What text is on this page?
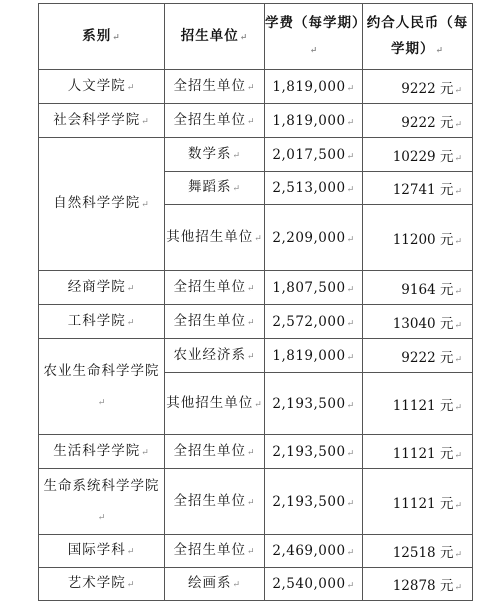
系别↵	招生单位↵	学费（每学期）↵	约合人民币（每学期）↵
人文学院↵	全招生单位↵	1,819,000↵	9222 元↵
社会科学学院↵	全招生单位↵	1,819,000↵	9222 元↵
自然科学学院↵	数学系↵	2,017,500↵	10229 元↵
	舞蹈系↵	2,513,000↵	12741 元↵
	其他招生单位↵	2,209,000↵	11200 元↵
经商学院↵	全招生单位↵	1,807,500↵	9164 元↵
工科学院↵	全招生单位↵	2,572,000↵	13040 元↵
农业生命科学学院↵	农业经济系↵	1,819,000↵	9222 元↵
	其他招生单位↵	2,193,500↵	11121 元↵
生活科学学院↵	全招生单位↵	2,193,500↵	11121 元↵
生命系统科学学院↵	全招生单位↵	2,193,500↵	11121 元↵
国际学科↵	全招生单位↵	2,469,000↵	12518 元↵
艺术学院↵	绘画系↵	2,540,000↵	12878 元↵
